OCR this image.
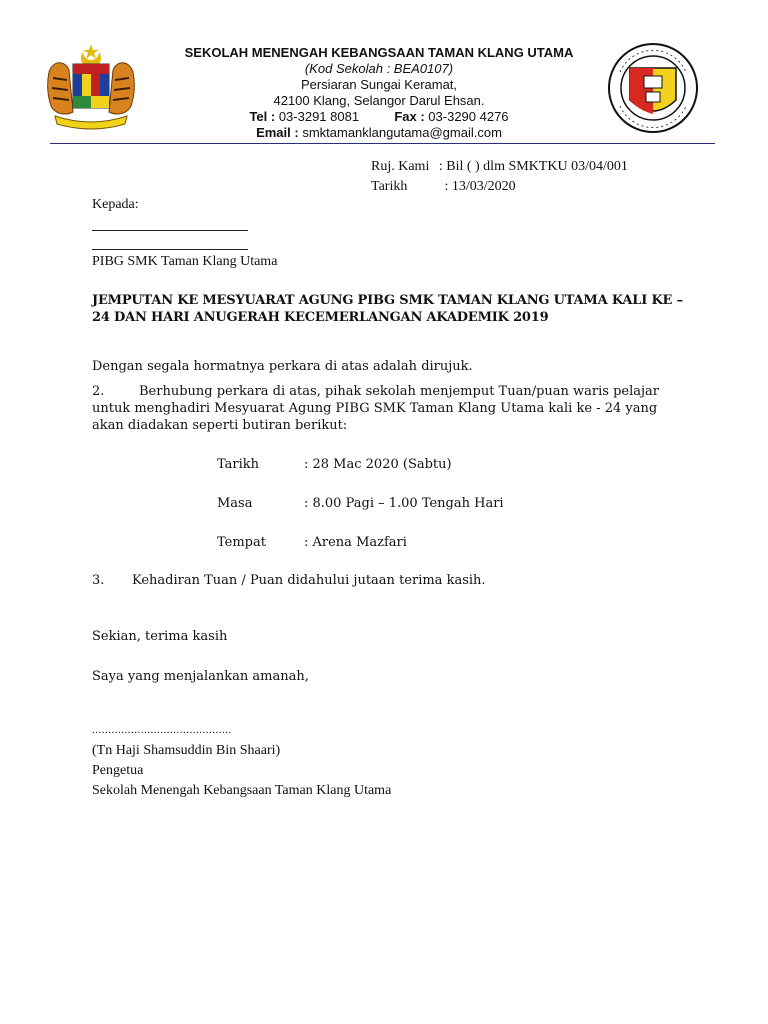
SEKOLAH MENENGAH KEBANGSAAN TAMAN KLANG UTAMA
(Kod Sekolah : BEA0107)
Persiaran Sungai Keramat,
42100 Klang, Selangor Darul Ehsan.
Tel : 03-3291 8081	Fax : 03-3290 4276
Email : smktamanklangutama@gmail.com
Ruj. Kami : Bil ( ) dlm SMKTKU 03/04/001
Tarikh	: 13/03/2020
Kepada:
PIBG SMK Taman Klang Utama
JEMPUTAN KE MESYUARAT AGUNG PIBG SMK TAMAN KLANG UTAMA KALI KE –
24 DAN HARI ANUGERAH KECEMERLANGAN AKADEMIK 2019
Dengan segala hormatnya perkara di atas adalah dirujuk.
2.	Berhubung perkara di atas, pihak sekolah menjemput Tuan/puan waris pelajar
untuk menghadiri Mesyuarat Agung PIBG SMK Taman Klang Utama kali ke - 24 yang
akan diadakan seperti butiran berikut:
Tarikh	: 28 Mac 2020 (Sabtu)
Masa	: 8.00 Pagi – 1.00 Tengah Hari
Tempat	: Arena Mazfari
3. Kehadiran Tuan / Puan didahului jutaan terima kasih.
Sekian, terima kasih
Saya yang menjalankan amanah,
...........................................
(Tn Haji Shamsuddin Bin Shaari)
Pengetua
Sekolah Menengah Kebangsaan Taman Klang Utama
